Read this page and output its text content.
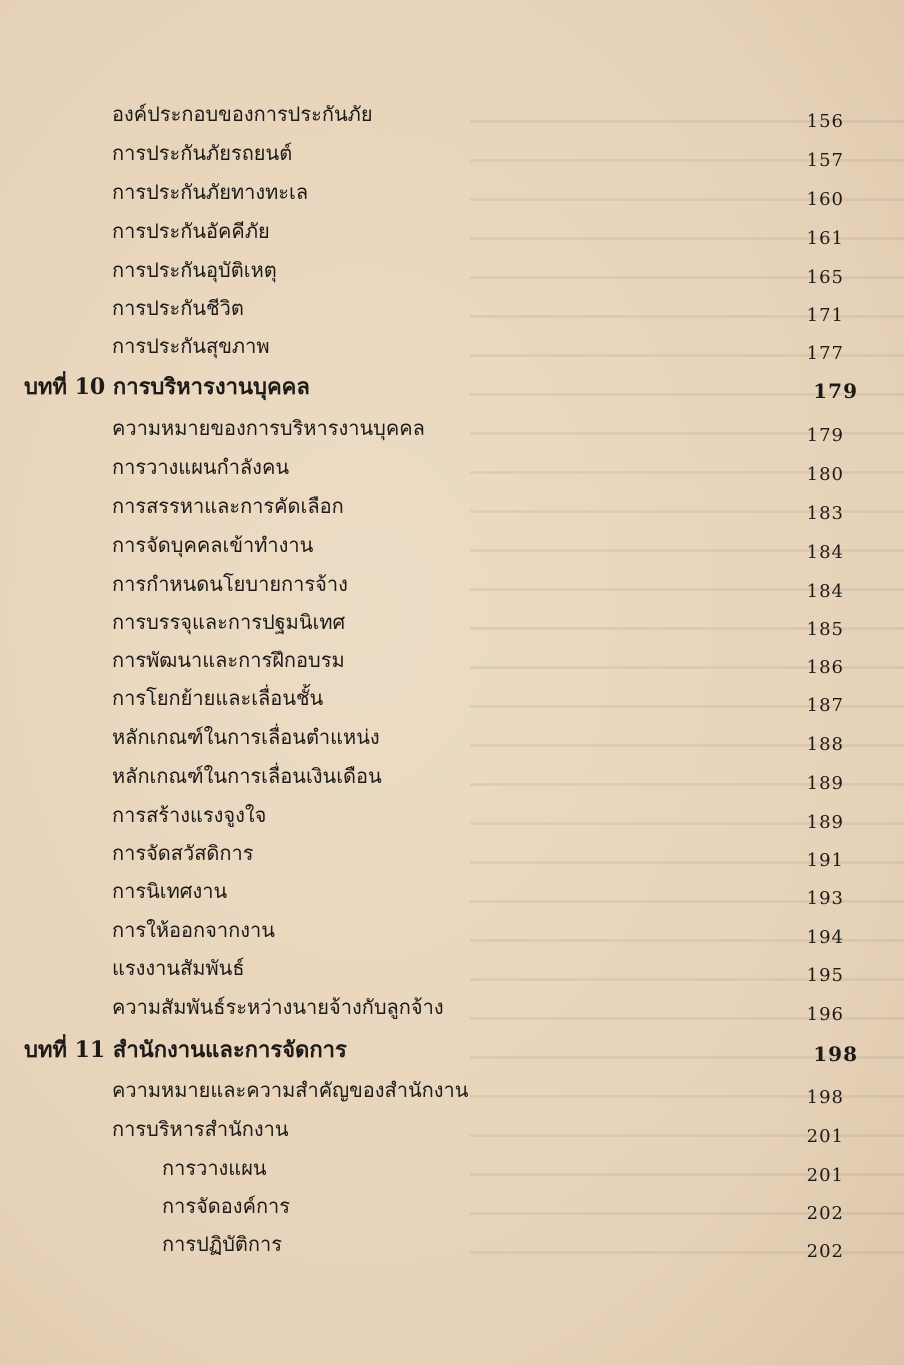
องค์ประกอบของการประกันภัย	156
การประกันภัยรถยนต์	157
การประกันภัยทางทะเล	160
การประกันอัคคีภัย	161
การประกันอุบัติเหตุ	165
การประกันชีวิต	171
การประกันสุขภาพ	177
บทที่ 10 การบริหารงานบุคคล	179
ความหมายของการบริหารงานบุคคล	179
การวางแผนกำลังคน	180
การสรรหาและการคัดเลือก	183
การจัดบุคคลเข้าทำงาน	184
การกำหนดนโยบายการจ้าง	184
การบรรจุและการปฐมนิเทศ	185
การพัฒนาและการฝึกอบรม	186
การโยกย้ายและเลื่อนชั้น	187
หลักเกณฑ์ในการเลื่อนตำแหน่ง	188
หลักเกณฑ์ในการเลื่อนเงินเดือน	189
การสร้างแรงจูงใจ	189
การจัดสวัสดิการ	191
การนิเทศงาน	193
การให้ออกจากงาน	194
แรงงานสัมพันธ์	195
ความสัมพันธ์ระหว่างนายจ้างกับลูกจ้าง	196
บทที่ 11 สำนักงานและการจัดการ	198
ความหมายและความสำคัญของสำนักงาน	198
การบริหารสำนักงาน	201
การวางแผน	201
การจัดองค์การ	202
การปฏิบัติการ	202
